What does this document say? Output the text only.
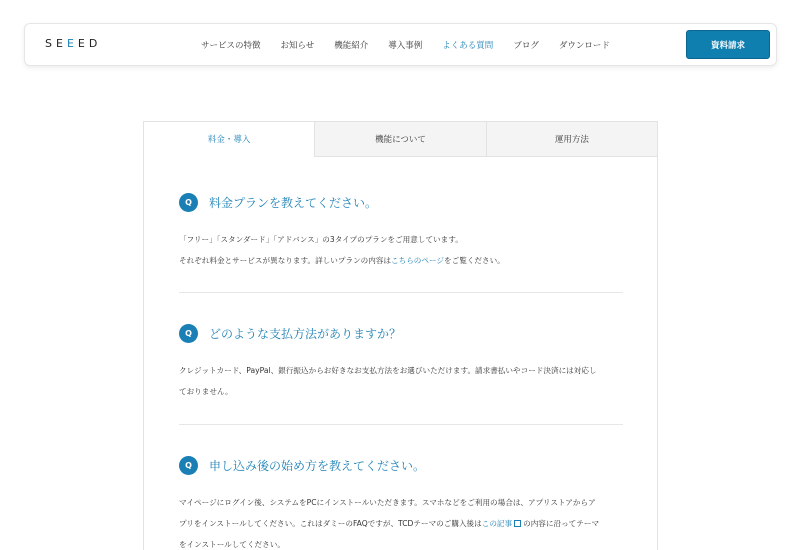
SEEED	サービスの特徴 お知らせ 機能紹介 導入事例 よくある質問 ブログ ダウンロード	資料請求
料金・導入	機能について	運用方法
Q	料金プランを教えてください。
「フリー」「スタンダード」「アドバンス」の3タイプのプランをご用意しています。
それぞれ料金とサービスが異なります。詳しいプランの内容はこちらのページをご覧ください。
Q	どのような支払方法がありますか？
クレジットカード、PayPal、銀行振込からお好きなお支払方法をお選びいただけます。請求書払いやコード決済には対応し
ておりません。
Q	申し込み後の始め方を教えてください。
マイページにログイン後、システムをPCにインストールいただきます。スマホなどをご利用の場合は、アプリストアからア
プリをインストールしてください。これはダミーのFAQですが、TCDテーマのご購入後はこの記事 の内容に沿ってテーマ
をインストールしてください。
